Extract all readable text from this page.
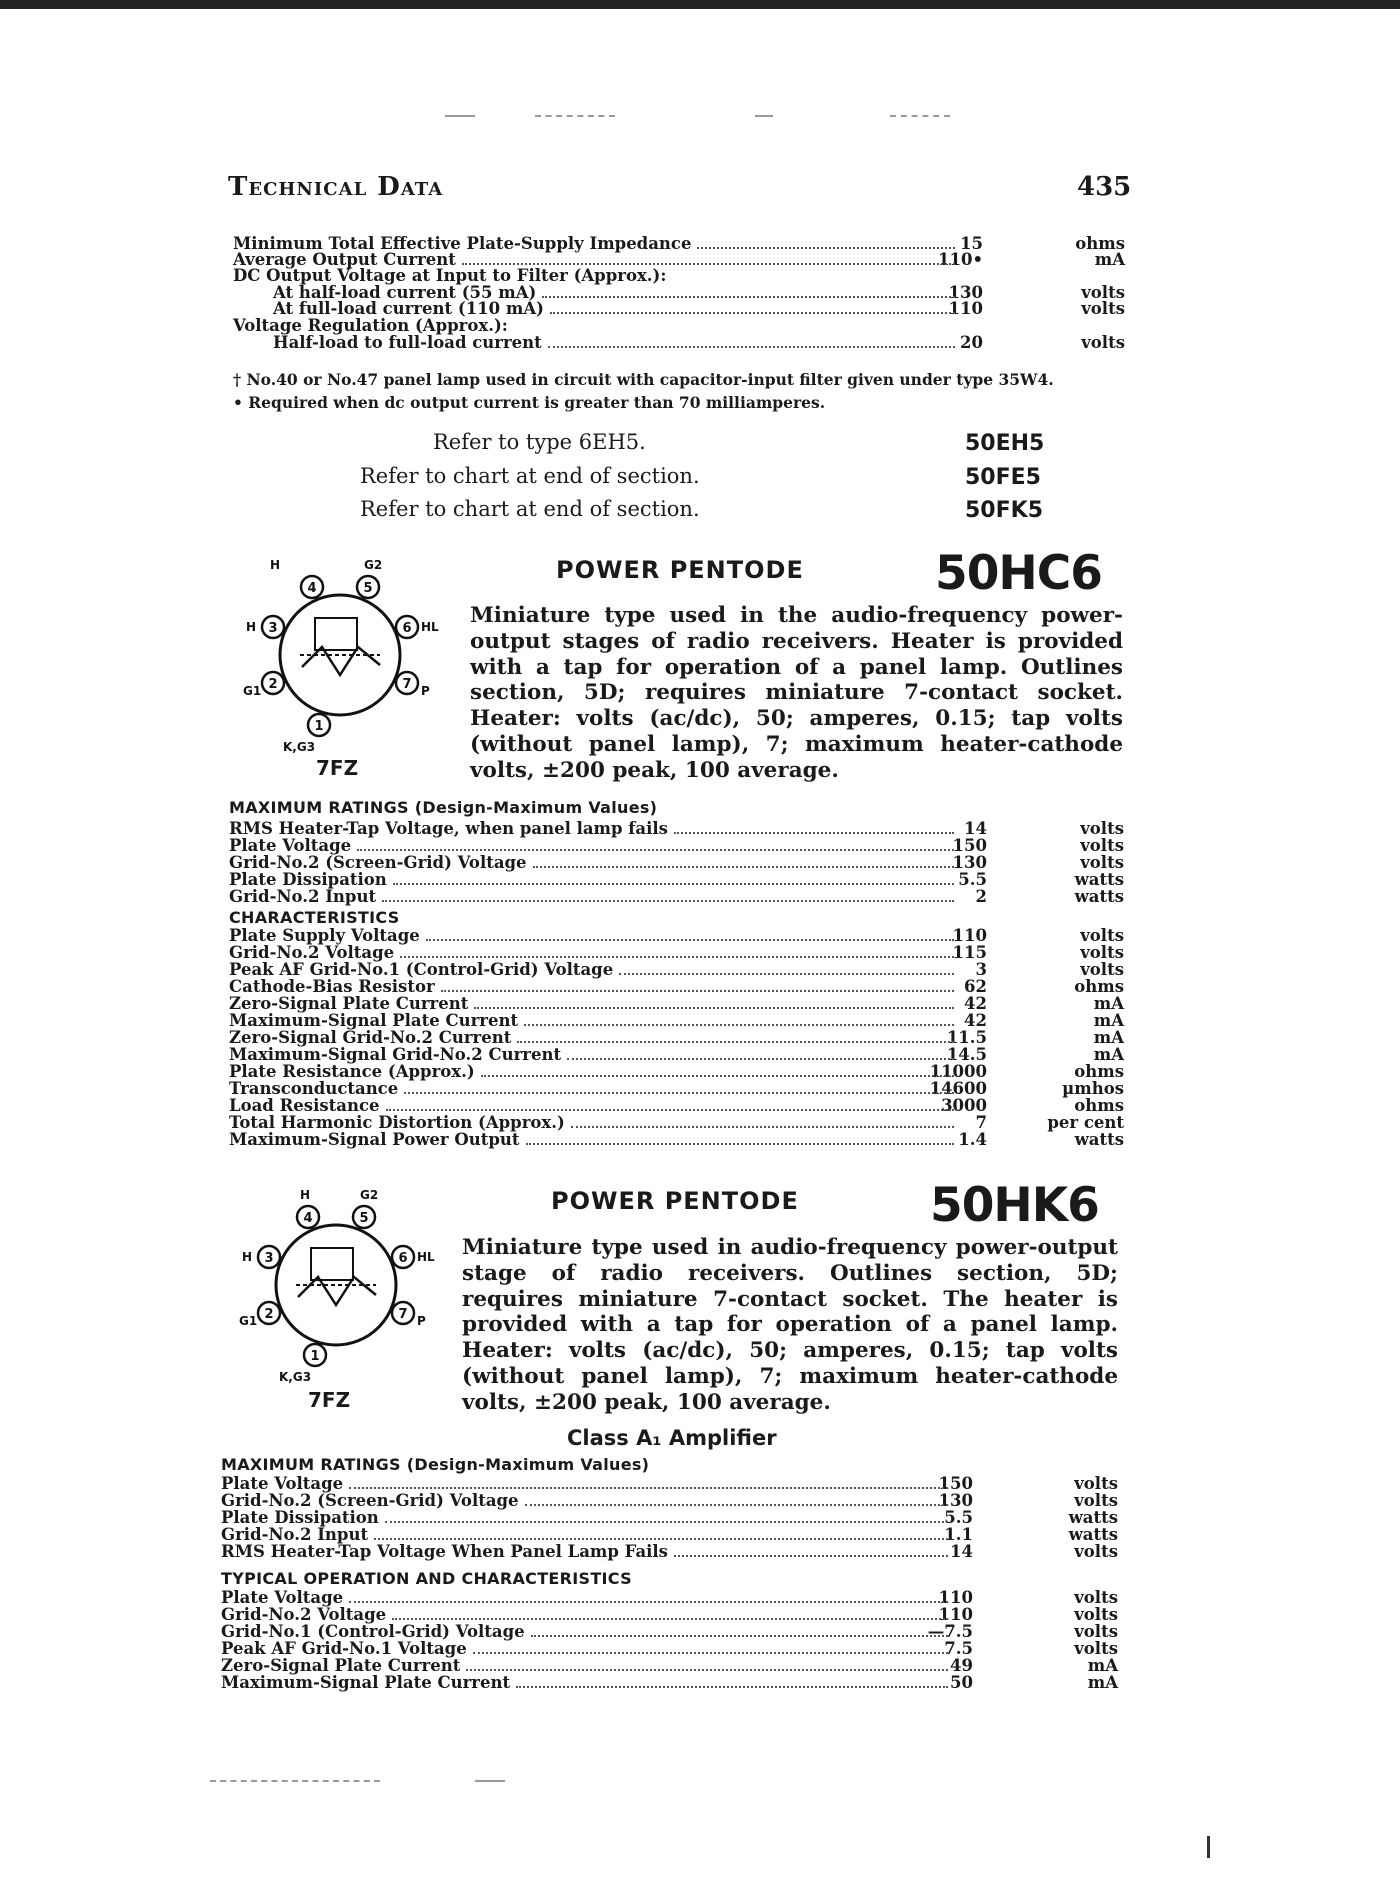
Technical Data	435
Minimum Total Effective Plate-Supply Impedance	15	ohms
Average Output Current	110•	mA
DC Output Voltage at Input to Filter (Approx.):
At half-load current (55 mA)	130	volts
At full-load current (110 mA)	110	volts
Voltage Regulation (Approx.):
Half-load to full-load current	20	volts
† No.40 or No.47 panel lamp used in circuit with capacitor-input filter given under type 35W4.
• Required when dc output current is greater than 70 milliamperes.
Refer to type 6EH5.	50EH5
Refer to chart at end of section.	50FE5
Refer to chart at end of section.	50FK5
POWER PENTODE	50HC6
4	5
3	6
2	7
1
H	G2
H	HL
G1	P
K,G3
7FZ
Miniature type used in the audio-frequency power-output stages of radio receivers. Heater is provided with a tap for operation of a panel lamp. Outlines section, 5D; requires miniature 7-contact socket. Heater: volts (ac/dc), 50; amperes, 0.15; tap volts (without panel lamp), 7; maximum heater-cathode volts, ±200 peak, 100 average.
MAXIMUM RATINGS (Design-Maximum Values)
RMS Heater-Tap Voltage, when panel lamp fails	14	volts
Plate Voltage	150	volts
Grid-No.2 (Screen-Grid) Voltage	130	volts
Plate Dissipation	5.5	watts
Grid-No.2 Input	2	watts
CHARACTERISTICS
Plate Supply Voltage	110	volts
Grid-No.2 Voltage	115	volts
Peak AF Grid-No.1 (Control-Grid) Voltage	3	volts
Cathode-Bias Resistor	62	ohms
Zero-Signal Plate Current	42	mA
Maximum-Signal Plate Current	42	mA
Zero-Signal Grid-No.2 Current	11.5	mA
Maximum-Signal Grid-No.2 Current	14.5	mA
Plate Resistance (Approx.)	11000	ohms
Transconductance	14600	µmhos
Load Resistance	3000	ohms
Total Harmonic Distortion (Approx.)	7	per cent
Maximum-Signal Power Output	1.4	watts
POWER PENTODE	50HK6
4	5
3	6
2	7
1
H	G2
H	HL
G1	P
K,G3
7FZ
Miniature type used in audio-frequency power-output stage of radio receivers. Outlines section, 5D; requires miniature 7-contact socket. The heater is provided with a tap for operation of a panel lamp. Heater: volts (ac/dc), 50; amperes, 0.15; tap volts (without panel lamp), 7; maximum heater-cathode volts, ±200 peak, 100 average.
Class A₁ Amplifier
MAXIMUM RATINGS (Design-Maximum Values)
Plate Voltage	150	volts
Grid-No.2 (Screen-Grid) Voltage	130	volts
Plate Dissipation	5.5	watts
Grid-No.2 Input	1.1	watts
RMS Heater-Tap Voltage When Panel Lamp Fails	14	volts
TYPICAL OPERATION AND CHARACTERISTICS
Plate Voltage	110	volts
Grid-No.2 Voltage	110	volts
Grid-No.1 (Control-Grid) Voltage	—7.5	volts
Peak AF Grid-No.1 Voltage	7.5	volts
Zero-Signal Plate Current	49	mA
Maximum-Signal Plate Current	50	mA
